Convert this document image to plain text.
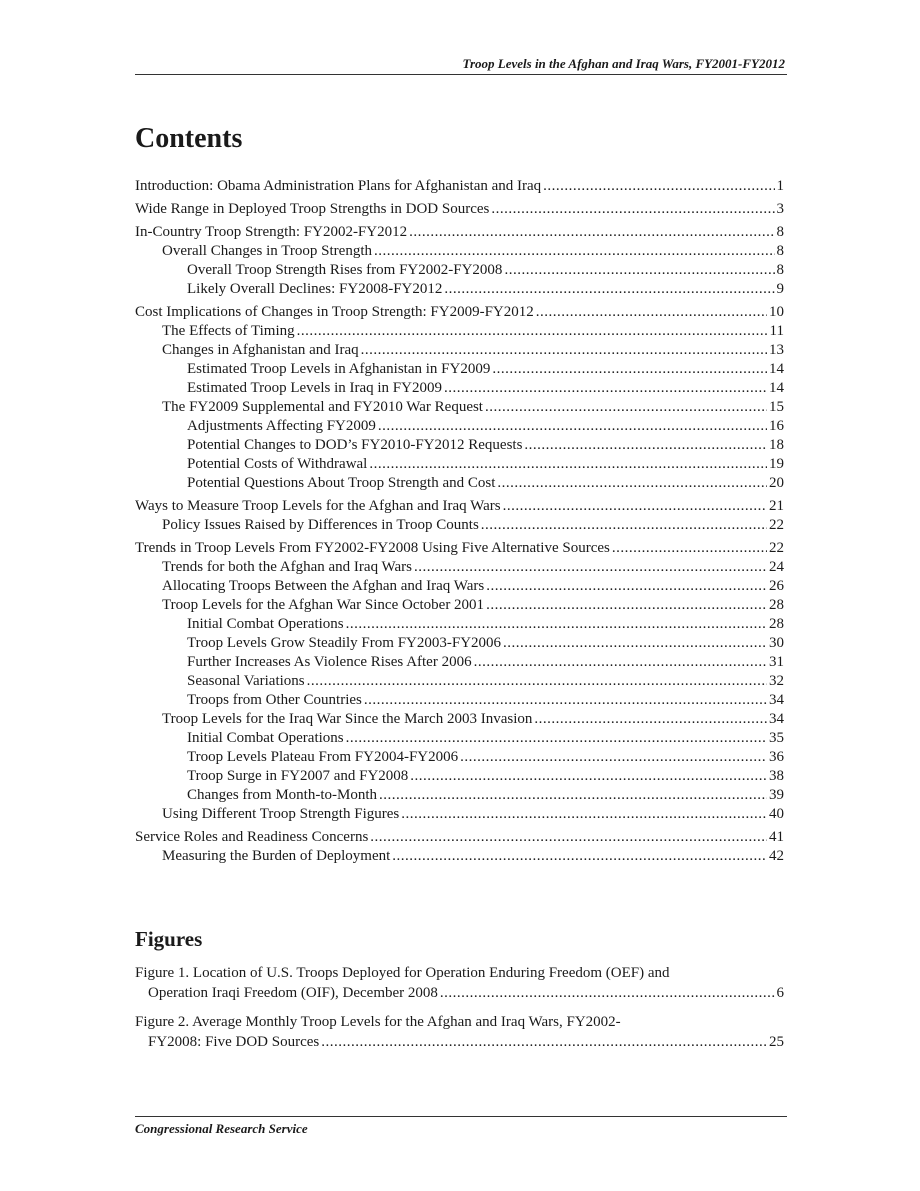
Troop Levels in the Afghan and Iraq Wars, FY2001-FY2012
Contents
Introduction: Obama Administration Plans for Afghanistan and Iraq .....	1
Wide Range in Deployed Troop Strengths in DOD Sources .....	3
In-Country Troop Strength: FY2002-FY2012 .....	8
Overall Changes in Troop Strength .....	8
Overall Troop Strength Rises from FY2002-FY2008 .....	8
Likely Overall Declines: FY2008-FY2012 .....	9
Cost Implications of Changes in Troop Strength: FY2009-FY2012 .....	10
The Effects of Timing .....	11
Changes in Afghanistan and Iraq .....	13
Estimated Troop Levels in Afghanistan in FY2009 .....	14
Estimated Troop Levels in Iraq in FY2009 .....	14
The FY2009 Supplemental and FY2010 War Request .....	15
Adjustments Affecting FY2009 .....	16
Potential Changes to DOD’s FY2010-FY2012 Requests .....	18
Potential Costs of Withdrawal .....	19
Potential Questions About Troop Strength and Cost .....	20
Ways to Measure Troop Levels for the Afghan and Iraq Wars .....	21
Policy Issues Raised by Differences in Troop Counts .....	22
Trends in Troop Levels From FY2002-FY2008 Using Five Alternative Sources .....	22
Trends for both the Afghan and Iraq Wars .....	24
Allocating Troops Between the Afghan and Iraq Wars .....	26
Troop Levels for the Afghan War Since October 2001 .....	28
Initial Combat Operations .....	28
Troop Levels Grow Steadily From FY2003-FY2006 .....	30
Further Increases As Violence Rises After 2006 .....	31
Seasonal Variations .....	32
Troops from Other Countries .....	34
Troop Levels for the Iraq War Since the March 2003 Invasion .....	34
Initial Combat Operations .....	35
Troop Levels Plateau From FY2004-FY2006 .....	36
Troop Surge in FY2007 and FY2008 .....	38
Changes from Month-to-Month .....	39
Using Different Troop Strength Figures .....	40
Service Roles and Readiness Concerns .....	41
Measuring the Burden of Deployment .....	42
Figures
Figure 1. Location of U.S. Troops Deployed for Operation Enduring Freedom (OEF) and
Operation Iraqi Freedom (OIF), December 2008 .....	6
Figure 2. Average Monthly Troop Levels for the Afghan and Iraq Wars, FY2002-
FY2008: Five DOD Sources .....	25
Congressional Research Service
